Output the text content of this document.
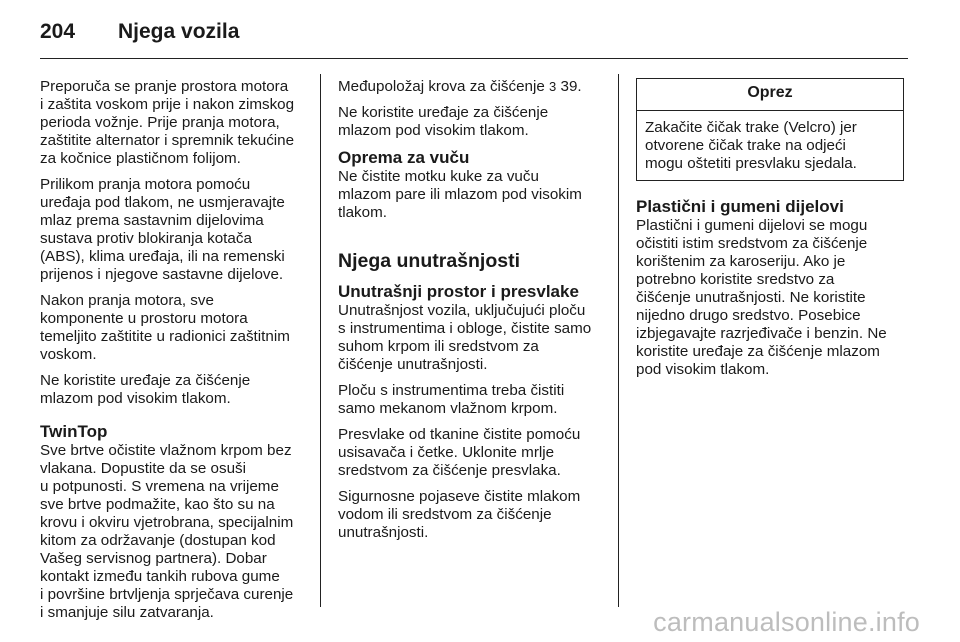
204	Njega vozila

Preporuča se pranje prostora motora
i zaštita voskom prije i nakon zimskog
perioda vožnje. Prije pranja motora,
zaštitite alternator i spremnik tekućine
za kočnice plastičnom folijom.

Prilikom pranja motora pomoću
uređaja pod tlakom, ne usmjeravajte
mlaz prema sastavnim dijelovima
sustava protiv blokiranja kotača
(ABS), klima uređaja, ili na remenski
prijenos i njegove sastavne dijelove.

Nakon pranja motora, sve
komponente u prostoru motora
temeljito zaštitite u radionici zaštitnim
voskom.

Ne koristite uređaje za čišćenje
mlazom pod visokim tlakom.

TwinTop

Sve brtve očistite vlažnom krpom bez
vlakana. Dopustite da se osuši
u potpunosti. S vremena na vrijeme
sve brtve podmažite, kao što su na
krovu i okviru vjetrobrana, specijalnim
kitom za održavanje (dostupan kod
Vašeg servisnog partnera). Dobar
kontakt između tankih rubova gume
i površine brtvljenja sprječava curenje
i smanjuje silu zatvaranja.

Međupoložaj krova za čišćenje 3 39.

Ne koristite uređaje za čišćenje
mlazom pod visokim tlakom.

Oprema za vuču

Ne čistite motku kuke za vuču
mlazom pare ili mlazom pod visokim
tlakom.

Njega unutrašnjosti
Unutrašnji prostor i presvlake

Unutrašnjost vozila, uključujući ploču
s instrumentima i obloge, čistite samo
suhom krpom ili sredstvom za
čišćenje unutrašnjosti.

Ploču s instrumentima treba čistiti
samo mekanom vlažnom krpom.

Presvlake od tkanine čistite pomoću
usisavača i četke. Uklonite mrlje
sredstvom za čišćenje presvlaka.

Sigurnosne pojaseve čistite mlakom
vodom ili sredstvom za čišćenje
unutrašnjosti.

Oprez
Zakačite čičak trake (Velcro) jer
otvorene čičak trake na odjeći
mogu oštetiti presvlaku sjedala.
Plastični i gumeni dijelovi

Plastični i gumeni dijelovi se mogu
očistiti istim sredstvom za čišćenje
korištenim za karoseriju. Ako je
potrebno koristite sredstvo za
čišćenje unutrašnjosti. Ne koristite
nijedno drugo sredstvo. Posebice
izbjegavajte razrjeđivače i benzin. Ne
koristite uređaje za čišćenje mlazom
pod visokim tlakom.

carmanualsonline.info
